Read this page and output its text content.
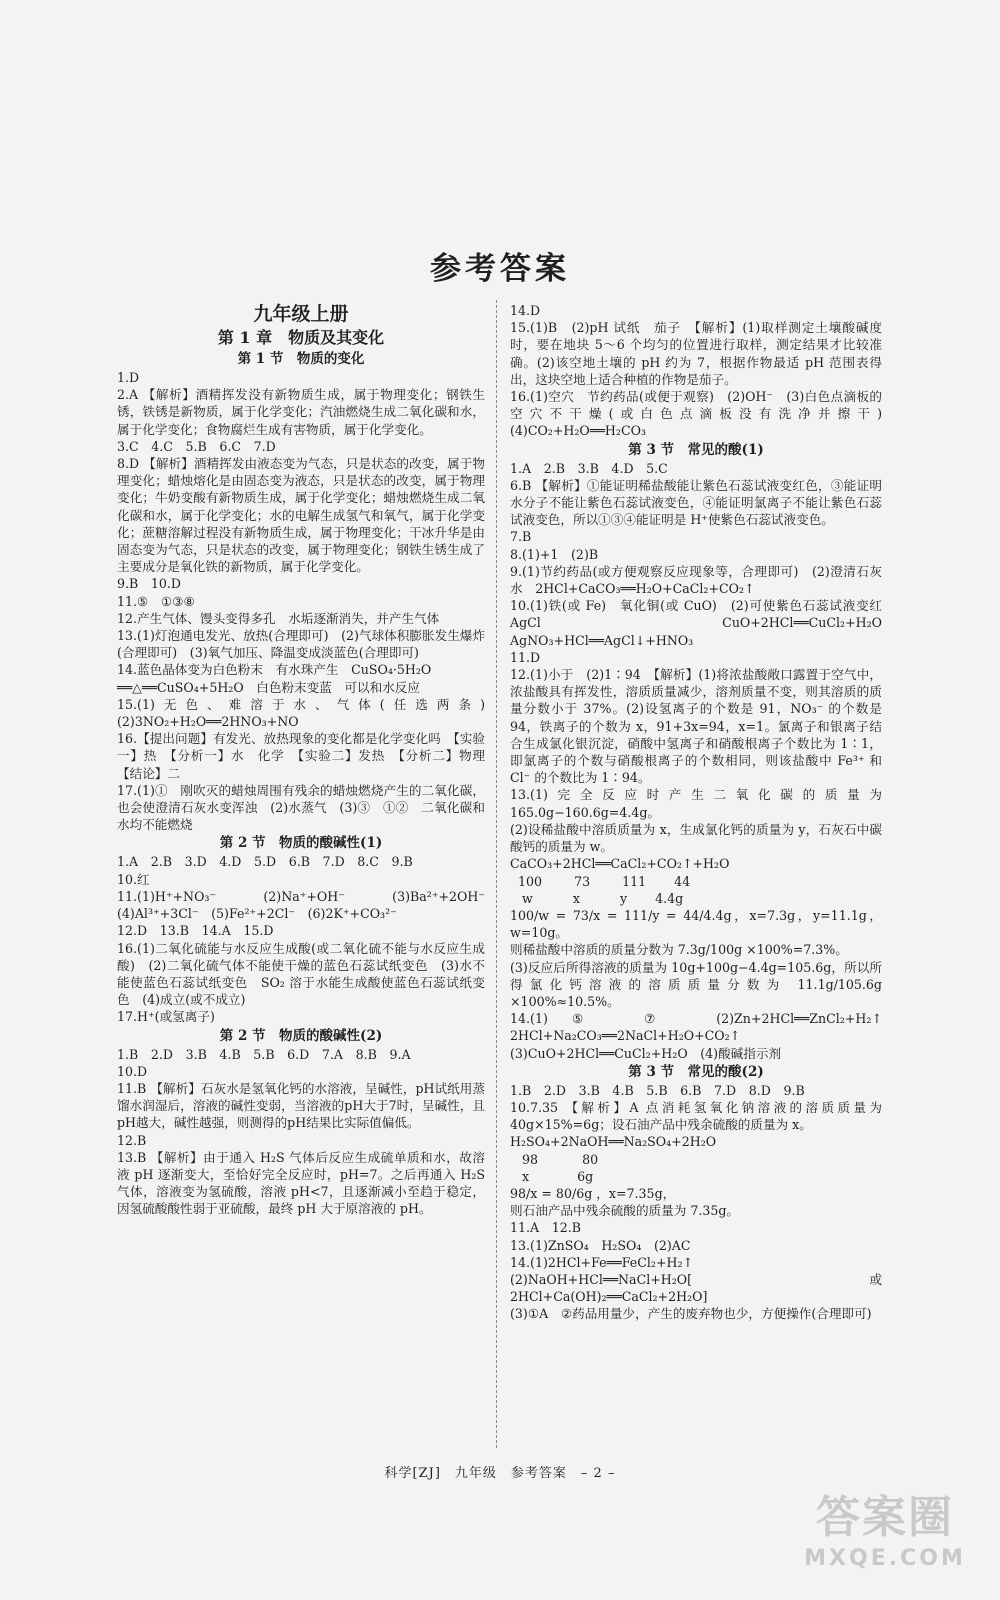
参考答案
九年级上册
第 1 章　物质及其变化
第 1 节　物质的变化

1.D

2.A 【解析】酒精挥发没有新物质生成，属于物理变化；钢铁生锈，铁锈是新物质，属于化学变化；汽油燃烧生成二氧化碳和水，属于化学变化；食物腐烂生成有害物质，属于化学变化。

3.C　4.C　5.B　6.C　7.D

8.D 【解析】酒精挥发由液态变为气态，只是状态的改变，属于物理变化；蜡烛熔化是由固态变为液态，只是状态的改变，属于物理变化；牛奶变酸有新物质生成，属于化学变化；蜡烛燃烧生成二氧化碳和水，属于化学变化；水的电解生成氢气和氧气，属于化学变化；蔗糖溶解过程没有新物质生成，属于物理变化；干冰升华是由固态变为气态，只是状态的改变，属于物理变化；钢铁生锈生成了主要成分是氧化铁的新物质，属于化学变化。

9.B　10.D

11.⑤　①③⑧

12.产生气体、馒头变得多孔　水垢逐渐消失，并产生气体

13.(1)灯泡通电发光、放热(合理即可)　(2)气球体积膨胀发生爆炸(合理即可)　(3)氧气加压、降温变成淡蓝色(合理即可)

14.蓝色晶体变为白色粉末　有水珠产生　CuSO₄·5H₂O

══△══CuSO₄+5H₂O　白色粉末变蓝　可以和水反应

15.(1)无色、难溶于水、气体(任选两条)　(2)3NO₂+H₂O══2HNO₃+NO

16.【提出问题】有发光、放热现象的变化都是化学变化吗　【实验一】热　【分析一】水　化学　【实验二】发热　【分析二】物理　【结论】二

17.(1)①　刚吹灭的蜡烛周围有残余的蜡烛燃烧产生的二氧化碳，也会使澄清石灰水变浑浊　(2)水蒸气　(3)③　①②　二氧化碳和水均不能燃烧

第 2 节　物质的酸碱性(1)

1.A　2.B　3.D　4.D　5.D　6.B　7.D　8.C　9.B

10.红

11.(1)H⁺+NO₃⁻　(2)Na⁺+OH⁻　(3)Ba²⁺+2OH⁻　(4)Al³⁺+3Cl⁻　(5)Fe²⁺+2Cl⁻　(6)2K⁺+CO₃²⁻

12.D　13.B　14.A　15.D

16.(1)二氧化硫能与水反应生成酸(或二氧化硫不能与水反应生成酸)　(2)二氧化硫气体不能使干燥的蓝色石蕊试纸变色　(3)水不能使蓝色石蕊试纸变色　SO₂ 溶于水能生成酸使蓝色石蕊试纸变色　(4)成立(或不成立)

17.H⁺(或氢离子)

第 2 节　物质的酸碱性(2)

1.B　2.D　3.B　4.B　5.B　6.D　7.A　8.B　9.A

10.D

11.B 【解析】石灰水是氢氧化钙的水溶液，呈碱性，pH试纸用蒸馏水润湿后，溶液的碱性变弱，当溶液的pH大于7时，呈碱性，且pH越大，碱性越强，则测得的pH结果比实际值偏低。

12.B

13.B 【解析】由于通入 H₂S 气体后反应生成硫单质和水，故溶液 pH 逐渐变大，至恰好完全反应时，pH=7。之后再通入 H₂S 气体，溶液变为氢硫酸，溶液 pH<7，且逐渐减小至趋于稳定，因氢硫酸酸性弱于亚硫酸，最终 pH 大于原溶液的 pH。

14.D

15.(1)B　(2)pH 试纸　茄子　【解析】(1)取样测定土壤酸碱度时，要在地块 5～6 个均匀的位置进行取样，测定结果才比较准确。(2)该空地土壤的 pH 约为 7，根据作物最适 pH 范围表得出，这块空地上适合种植的作物是茄子。

16.(1)空穴　节约药品(或便于观察)　(2)OH⁻　(3)白色点滴板的空穴不干燥(或白色点滴板没有洗净并擦干)　(4)CO₂+H₂O══H₂CO₃

第 3 节　常见的酸(1)

1.A　2.B　3.B　4.D　5.C

6.B 【解析】①能证明稀盐酸能让紫色石蕊试液变红色，③能证明水分子不能让紫色石蕊试液变色，④能证明氯离子不能让紫色石蕊试液变色，所以①③④能证明是 H⁺使紫色石蕊试液变色。

7.B

8.(1)+1　(2)B

9.(1)节约药品(或方便观察反应现象等，合理即可)　(2)澄清石灰水　2HCl+CaCO₃══H₂O+CaCl₂+CO₂↑

10.(1)铁(或 Fe)　氧化铜(或 CuO)　(2)可使紫色石蕊试液变红　AgCl　CuO+2HCl══CuCl₂+H₂O　AgNO₃+HCl══AgCl↓+HNO₃

11.D

12.(1)小于　(2)1∶94　【解析】(1)将浓盐酸敞口露置于空气中，浓盐酸具有挥发性，溶质质量减少，溶剂质量不变，则其溶质的质量分数小于 37%。(2)设氢离子的个数是 91，NO₃⁻ 的个数是 94，铁离子的个数为 x，91+3x=94，x=1。氯离子和银离子结合生成氯化银沉淀，硝酸中氢离子和硝酸根离子个数比为 1∶1，即氯离子的个数与硝酸根离子的个数相同，则该盐酸中 Fe³⁺ 和 Cl⁻ 的个数比为 1∶94。

13.(1)完全反应时产生二氧化碳的质量为 165.0g−160.6g=4.4g。

(2)设稀盐酸中溶质质量为 x，生成氯化钙的质量为 y，石灰石中碳酸钙的质量为 w。

CaCO₃+2HCl══CaCl₂+CO₂↑+H₂O

100        73        111       44

w          x          y       4.4g

100/w = 73/x = 111/y = 44/4.4g，x=7.3g，y=11.1g，w=10g。

则稀盐酸中溶质的质量分数为 7.3g/100g ×100%=7.3%。

(3)反应后所得溶液的质量为 10g+100g−4.4g=105.6g，所以所得氯化钙溶液的溶质质量分数为 11.1g/105.6g ×100%≈10.5%。

14.(1)⑤　⑦　(2)Zn+2HCl══ZnCl₂+H₂↑　2HCl+Na₂CO₃══2NaCl+H₂O+CO₂↑　(3)CuO+2HCl══CuCl₂+H₂O　(4)酸碱指示剂

第 3 节　常见的酸(2)

1.B　2.D　3.B　4.B　5.B　6.B　7.D　8.D　9.B

10.7.35 【解析】A 点消耗氢氧化钠溶液的溶质质量为 40g×15%=6g；设石油产品中残余硫酸的质量为 x。

H₂SO₄+2NaOH══Na₂SO₄+2H₂O

98           80

x            6g

98/x = 80/6g ，x=7.35g，

则石油产品中残余硫酸的质量为 7.35g。

11.A　12.B

13.(1)ZnSO₄　H₂SO₄　(2)AC

14.(1)2HCl+Fe══FeCl₂+H₂↑　(2)NaOH+HCl══NaCl+H₂O[或 2HCl+Ca(OH)₂══CaCl₂+2H₂O]

(3)①A　②药品用量少，产生的废弃物也少，方便操作(合理即可)

科学[ZJ]　九年级　参考答案　– 2 –
答案圈
MXQE.COM
